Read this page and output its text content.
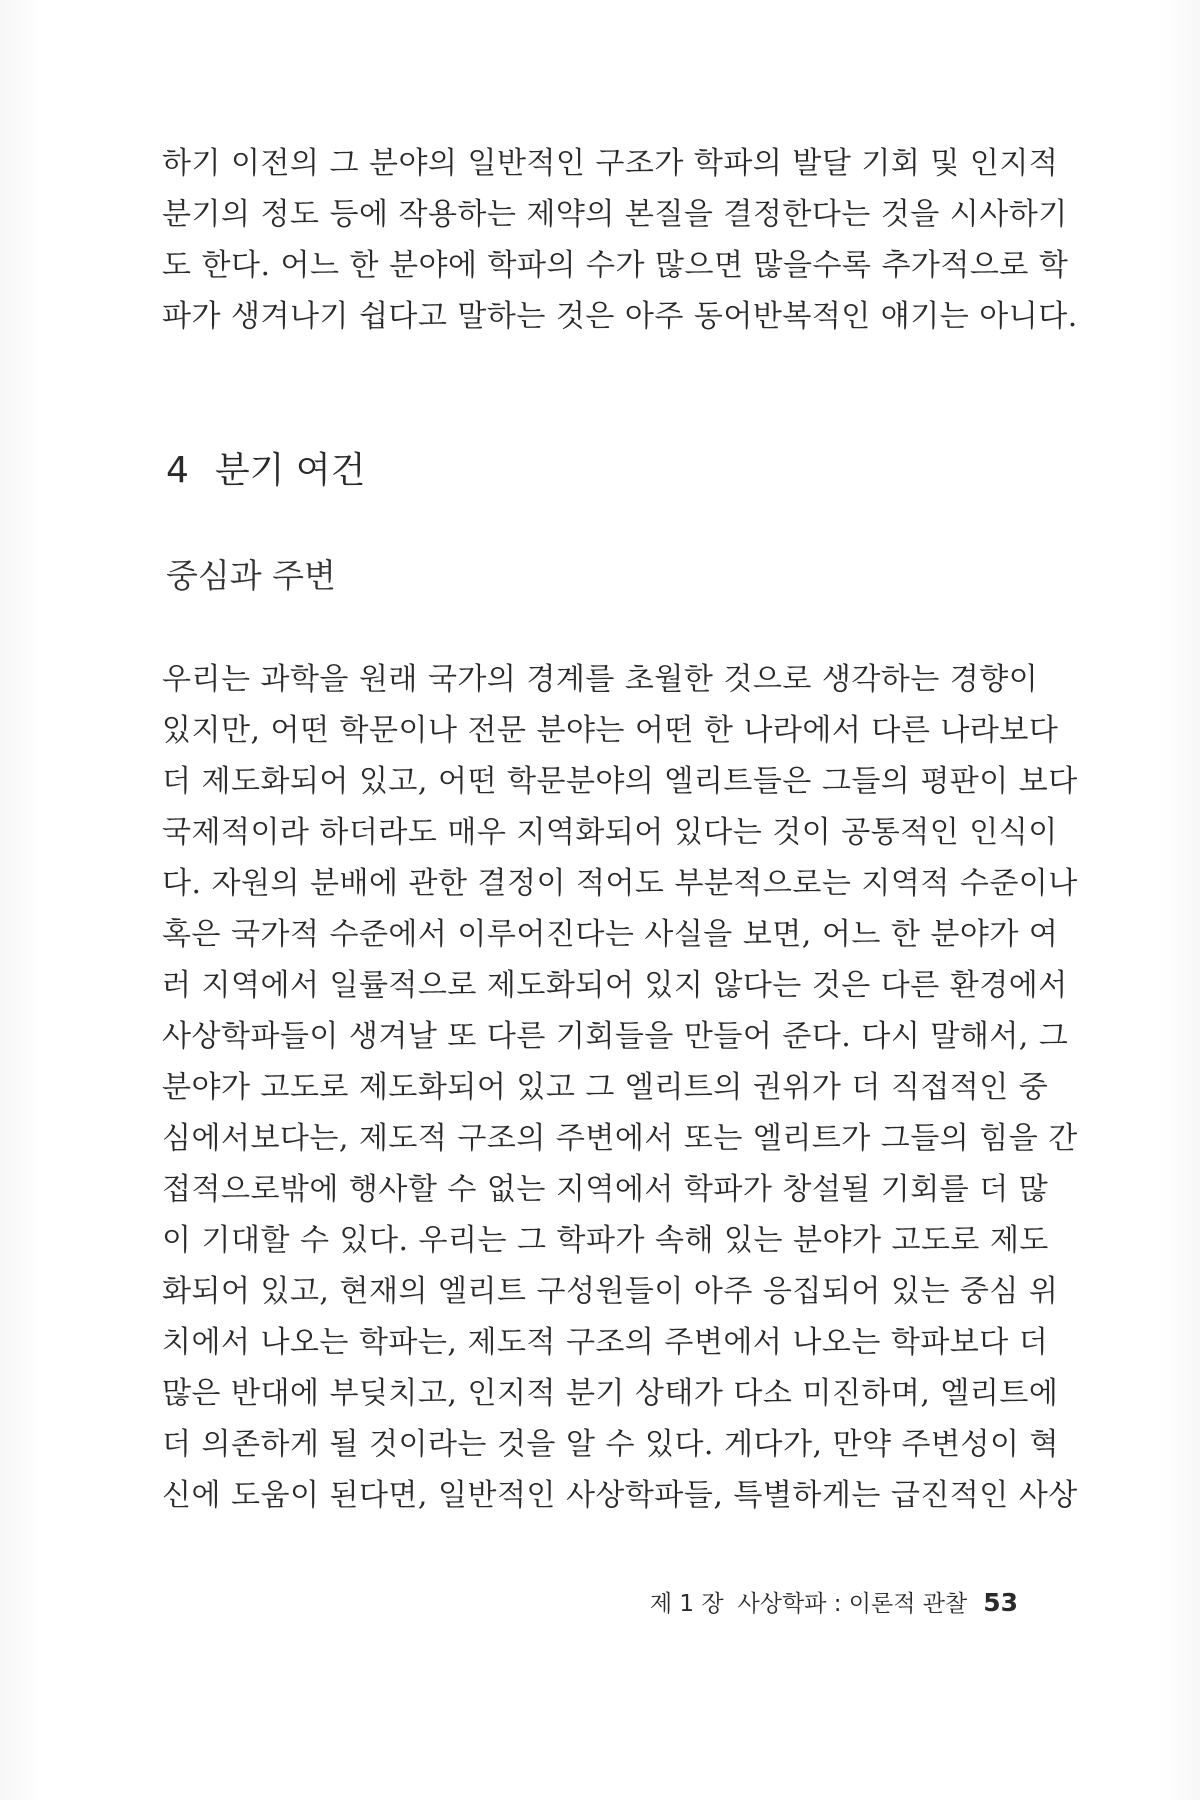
하기 이전의 그 분야의 일반적인 구조가 학파의 발달 기회 및 인지적
분기의 정도 등에 작용하는 제약의 본질을 결정한다는 것을 시사하기
도 한다. 어느 한 분야에 학파의 수가 많으면 많을수록 추가적으로 학
파가 생겨나기 쉽다고 말하는 것은 아주 동어반복적인 얘기는 아니다.

4 분기 여건
중심과 주변

우리는 과학을 원래 국가의 경계를 초월한 것으로 생각하는 경향이
있지만, 어떤 학문이나 전문 분야는 어떤 한 나라에서 다른 나라보다
더 제도화되어 있고, 어떤 학문분야의 엘리트들은 그들의 평판이 보다
국제적이라 하더라도 매우 지역화되어 있다는 것이 공통적인 인식이
다. 자원의 분배에 관한 결정이 적어도 부분적으로는 지역적 수준이나
혹은 국가적 수준에서 이루어진다는 사실을 보면, 어느 한 분야가 여
러 지역에서 일률적으로 제도화되어 있지 않다는 것은 다른 환경에서
사상학파들이 생겨날 또 다른 기회들을 만들어 준다. 다시 말해서, 그
분야가 고도로 제도화되어 있고 그 엘리트의 권위가 더 직접적인 중
심에서보다는, 제도적 구조의 주변에서 또는 엘리트가 그들의 힘을 간
접적으로밖에 행사할 수 없는 지역에서 학파가 창설될 기회를 더 많
이 기대할 수 있다. 우리는 그 학파가 속해 있는 분야가 고도로 제도
화되어 있고, 현재의 엘리트 구성원들이 아주 응집되어 있는 중심 위
치에서 나오는 학파는, 제도적 구조의 주변에서 나오는 학파보다 더
많은 반대에 부딪치고, 인지적 분기 상태가 다소 미진하며, 엘리트에
더 의존하게 될 것이라는 것을 알 수 있다. 게다가, 만약 주변성이 혁
신에 도움이 된다면, 일반적인 사상학파들, 특별하게는 급진적인 사상

제 1 장 사상학파 : 이론적 관찰 53
